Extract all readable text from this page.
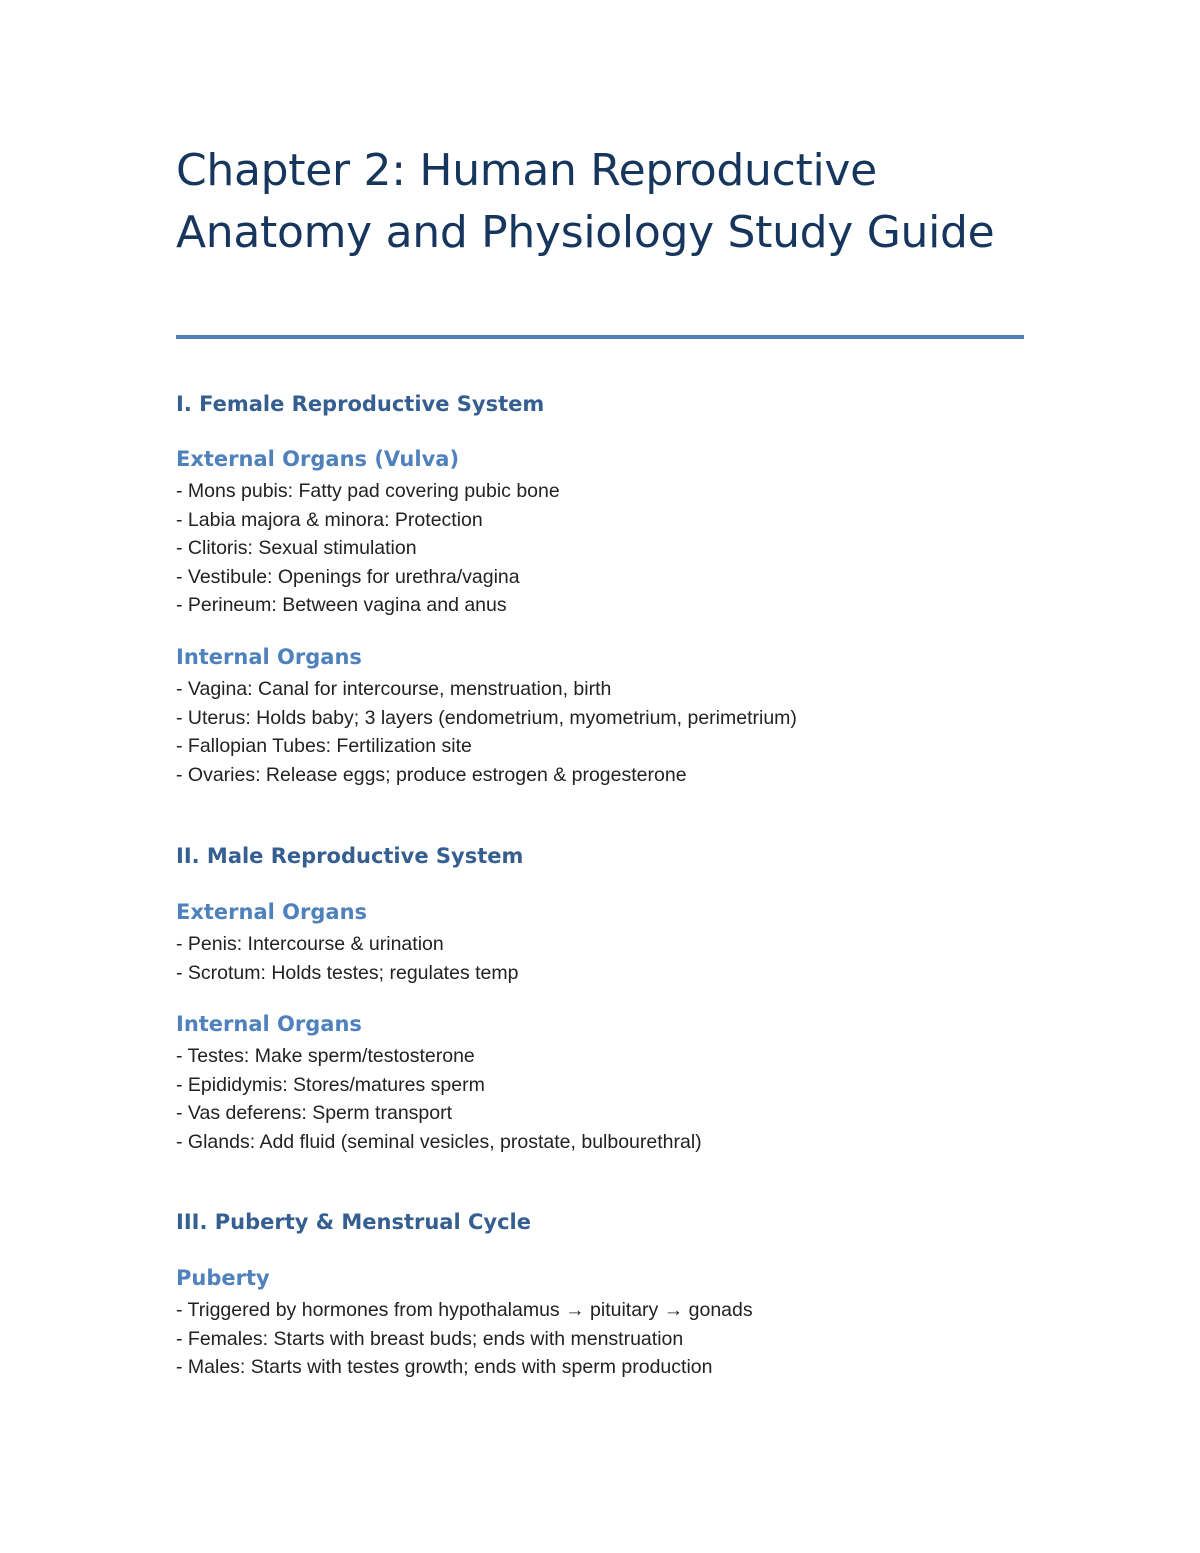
Chapter 2: Human Reproductive Anatomy and Physiology Study Guide
I. Female Reproductive System
External Organs (Vulva)
- Mons pubis: Fatty pad covering pubic bone
- Labia majora & minora: Protection
- Clitoris: Sexual stimulation
- Vestibule: Openings for urethra/vagina
- Perineum: Between vagina and anus
Internal Organs
- Vagina: Canal for intercourse, menstruation, birth
- Uterus: Holds baby; 3 layers (endometrium, myometrium, perimetrium)
- Fallopian Tubes: Fertilization site
- Ovaries: Release eggs; produce estrogen & progesterone
II. Male Reproductive System
External Organs
- Penis: Intercourse & urination
- Scrotum: Holds testes; regulates temp
Internal Organs
- Testes: Make sperm/testosterone
- Epididymis: Stores/matures sperm
- Vas deferens: Sperm transport
- Glands: Add fluid (seminal vesicles, prostate, bulbourethral)
III. Puberty & Menstrual Cycle
Puberty
- Triggered by hormones from hypothalamus → pituitary → gonads
- Females: Starts with breast buds; ends with menstruation
- Males: Starts with testes growth; ends with sperm production
